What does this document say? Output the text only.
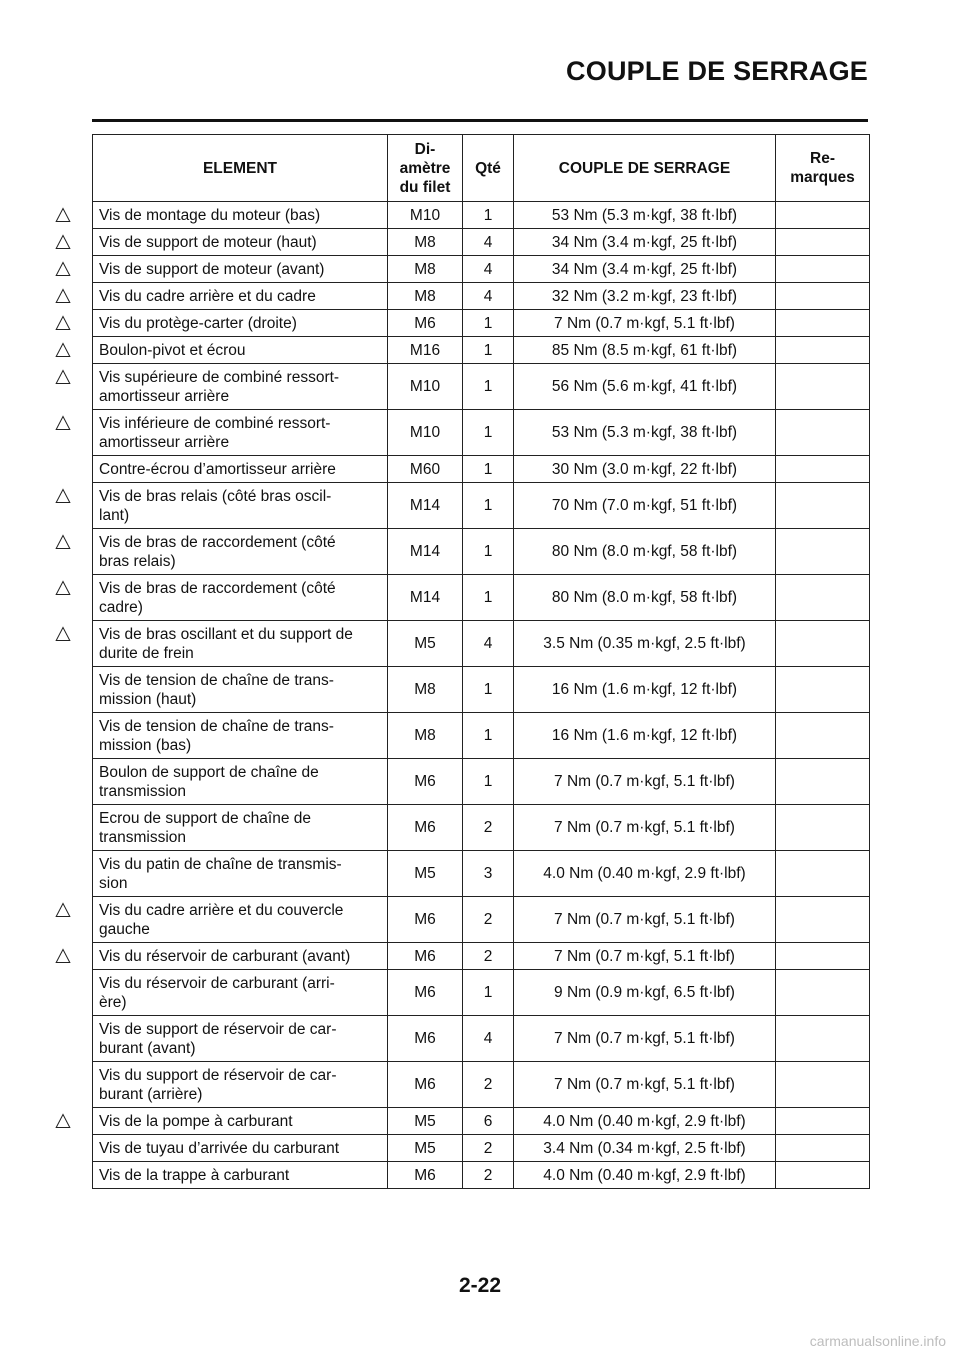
COUPLE DE SERRAGE
ELEMENT	Di-
amètre
du filet	Qté	COUPLE DE SERRAGE	Re-
marques

Vis de montage du moteur (bas)	M10	1	53 Nm (5.3 m·kgf, 38 ft·lbf)	

Vis de support de moteur (haut)	M8	4	34 Nm (3.4 m·kgf, 25 ft·lbf)	

Vis de support de moteur (avant)	M8	4	34 Nm (3.4 m·kgf, 25 ft·lbf)	

Vis du cadre arrière et du cadre	M8	4	32 Nm (3.2 m·kgf, 23 ft·lbf)	

Vis du protège-carter (droite)	M6	1	7 Nm (0.7 m·kgf, 5.1 ft·lbf)	

Boulon-pivot et écrou	M16	1	85 Nm (8.5 m·kgf, 61 ft·lbf)	

Vis supérieure de combiné ressort-
amortisseur arrière	M10	1	56 Nm (5.6 m·kgf, 41 ft·lbf)	

Vis inférieure de combiné ressort-
amortisseur arrière	M10	1	53 Nm (5.3 m·kgf, 38 ft·lbf)	
Contre-écrou d’amortisseur arrière	M60	1	30 Nm (3.0 m·kgf, 22 ft·lbf)	

Vis de bras relais (côté bras oscil-
lant)	M14	1	70 Nm (7.0 m·kgf, 51 ft·lbf)	

Vis de bras de raccordement (côté
bras relais)	M14	1	80 Nm (8.0 m·kgf, 58 ft·lbf)	

Vis de bras de raccordement (côté
cadre)	M14	1	80 Nm (8.0 m·kgf, 58 ft·lbf)	

Vis de bras oscillant et du support de
durite de frein	M5	4	3.5 Nm (0.35 m·kgf, 2.5 ft·lbf)	
Vis de tension de chaîne de trans-
mission (haut)	M8	1	16 Nm (1.6 m·kgf, 12 ft·lbf)	
Vis de tension de chaîne de trans-
mission (bas)	M8	1	16 Nm (1.6 m·kgf, 12 ft·lbf)	
Boulon de support de chaîne de
transmission	M6	1	7 Nm (0.7 m·kgf, 5.1 ft·lbf)	
Ecrou de support de chaîne de
transmission	M6	2	7 Nm (0.7 m·kgf, 5.1 ft·lbf)	
Vis du patin de chaîne de transmis-
sion	M5	3	4.0 Nm (0.40 m·kgf, 2.9 ft·lbf)	

Vis du cadre arrière et du couvercle
gauche	M6	2	7 Nm (0.7 m·kgf, 5.1 ft·lbf)	

Vis du réservoir de carburant (avant)	M6	2	7 Nm (0.7 m·kgf, 5.1 ft·lbf)	
Vis du réservoir de carburant (arri-
ère)	M6	1	9 Nm (0.9 m·kgf, 6.5 ft·lbf)	
Vis de support de réservoir de car-
burant (avant)	M6	4	7 Nm (0.7 m·kgf, 5.1 ft·lbf)	
Vis du support de réservoir de car-
burant (arrière)	M6	2	7 Nm (0.7 m·kgf, 5.1 ft·lbf)	

Vis de la pompe à carburant	M5	6	4.0 Nm (0.40 m·kgf, 2.9 ft·lbf)	
Vis de tuyau d’arrivée du carburant	M5	2	3.4 Nm (0.34 m·kgf, 2.5 ft·lbf)	
Vis de la trappe à carburant	M6	2	4.0 Nm (0.40 m·kgf, 2.9 ft·lbf)	
2-22
carmanualsonline.info
